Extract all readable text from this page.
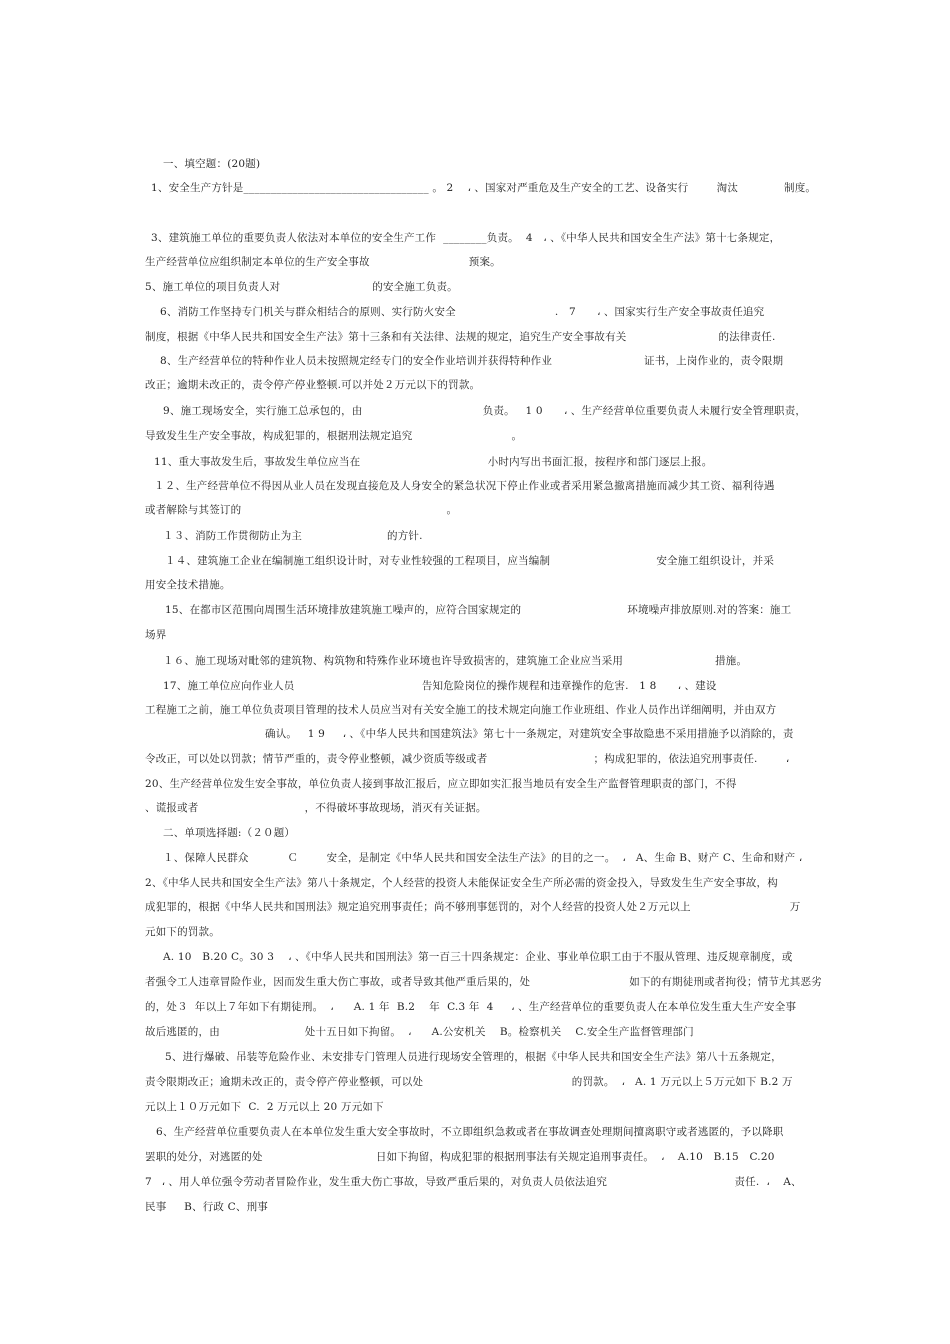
一、填空题：(20题)
1、安全生产方针是__________________________________ 。 2    ، 、国家对严重危及生产安全的工艺、设备实行        淘汰             制度。
3、建筑施工单位的重要负责人依法对本单位的安全生产工作  ________负责。  4   ، 、《中华人民共和国安全生产法》第十七条规定，
生产经营单位应组织制定本单位的生产安全事故                            预案。
5、施工单位的项目负责人对                          的安全施工负责。
6、消防工作坚持专门机关与群众相结合的原则、实行防火安全                            .   7      ، 、国家实行生产安全事故责任追究
制度，根据《中华人民共和国安全生产法》第十三条和有关法律、法规的规定，追究生产安全事故有关                          的法律责任.
8、生产经营单位的特种作业人员未按照规定经专门的安全作业培训并获得特种作业                          证书，上岗作业的，责令限期
改正；逾期未改正的，责令停产停业整顿.可以并处２万元以下的罚款。
9、施工现场安全，实行施工总承包的，由                                  负责。   1 0      ، 、生产经营单位重要负责人未履行安全管理职责，
导致发生生产安全事故，构成犯罪的，根据刑法规定追究                            。
11、重大事故发生后，事故发生单位应当在                                    小时内写出书面汇报，按程序和部门逐层上报。
１２、生产经营单位不得因从业人员在发现直接危及人身安全的紧急状况下停止作业或者采用紧急撤离措施而减少其工资、福利待遇
或者解除与其签订的                                                          。
１３、消防工作贯彻防止为主                        的方针.
１４、建筑施工企业在编制施工组织设计时，对专业性较强的工程项目，应当编制                              安全施工组织设计，并采
用安全技术措施。
15、在都市区范围向周围生活环境排放建筑施工噪声的，应符合国家规定的                              环境噪声排放原则.对的答案：施工
场界
１６、施工现场对毗邻的建筑物、构筑物和特殊作业环境也许导致损害的，建筑施工企业应当采用                          措施。
17、施工单位应向作业人员                                    告知危险岗位的操作规程和违章操作的危害.   1 8      ، 、建设
工程施工之前，施工单位负责项目管理的技术人员应当对有关安全施工的技术规定向施工作业班组、作业人员作出详细阐明，并由双方
确认。   1 9     ، 、《中华人民共和国建筑法》第七十一条规定，对建筑安全事故隐患不采用措施予以消除的，责
令改正，可以处以罚款；情节严重的，责令停业整顿，减少资质等级或者                              ；构成犯罪的，依法追究刑事责任.        ،
20、生产经营单位发生安全事故，单位负责人接到事故汇报后，应立即如实汇报当地员有安全生产监督管理职责的部门，不得
、谎报或者                              ，不得破坏事故现场，消灭有关证据。
二、单项选择题:（２０题）
１、保障人民群众           Ｃ        安全，是制定《中华人民共和国安全法生产法》的目的之一。  ،   A、生命 B、财产 C、生命和财产 ،
2、《中华人民共和国安全生产法》第八十条规定，个人经营的投资人未能保证安全生产所必需的资金投入，导致发生生产安全事故，构
成犯罪的，根据《中华人民共和国刑法》规定追究刑事责任；尚不够刑事惩罚的，对个人经营的投资人处２万元以上                            万
元如下的罚款。
A. 10   B.20 C。30 3    ، 、《中华人民共和国刑法》第一百三十四条规定：企业、事业单位职工由于不服从管理、违反规章制度，或
者强令工人违章冒险作业，因而发生重大伤亡事故，或者导致其他严重后果的，处                            如下的有期徒刑或者拘役；情节尤其恶劣
的，处３  年以上７年如下有期徒刑。  ،      A. 1 年  B.2    年  C.3 年  4     ، 、生产经营单位的重要负责人在本单位发生重大生产安全事
故后逃匿的，由                        处十五日如下拘留。  ،      A.公安机关    B。检察机关    C.安全生产监督管理部门
5、进行爆破、吊装等危险作业、未安排专门管理人员进行现场安全管理的，根据《中华人民共和国安全生产法》第八十五条规定，
责令限期改正；逾期未改正的，责令停产停业整顿，可以处                                          的罚款。  ،   A. 1 万元以上５万元如下 B.2 万
元以上１０万元如下  C.  2 万元以上 20 万元如下
6、生产经营单位重要负责人在本单位发生重大安全事故时，不立即组织急救或者在事故调查处理期间擅离职守或者逃匿的，予以降职
罢职的处分，对逃匿的处                                日如下拘留，构成犯罪的根据刑事法有关规定追刑事责任。  ،    A.10   B.15   C.20
7   ، 、用人单位强令劳动者冒险作业，发生重大伤亡事故，导致严重后果的，对负责人员依法追究                                    责任.  ،    A、
民事     B、行政 C、刑事
